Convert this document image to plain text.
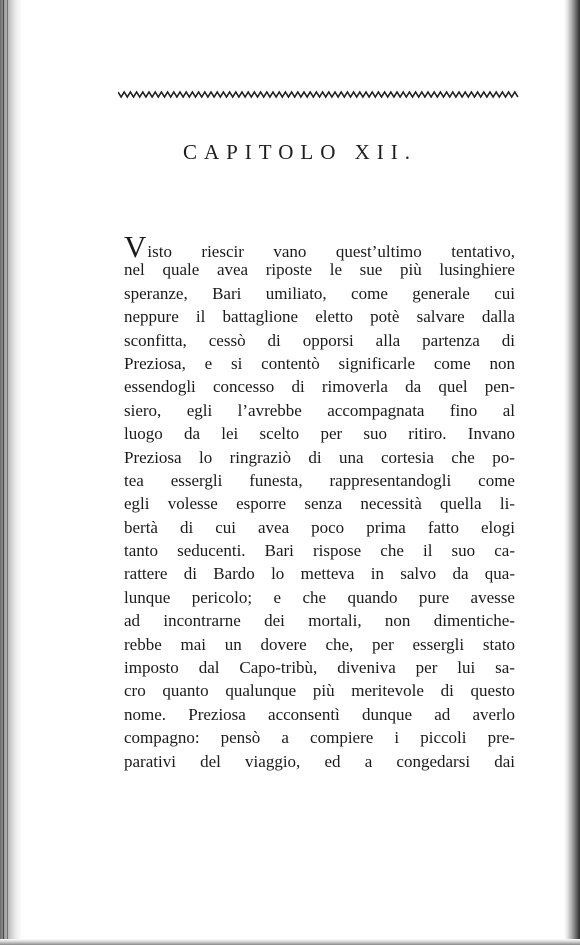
CAPITOLO XII.
V isto riescir vano quest’ultimo tentativo,
nel quale avea riposte le sue più lusinghiere
speranze, Bari umiliato, come generale cui
neppure il battaglione eletto potè salvare dalla
sconfitta, cessò di opporsi alla partenza di
Preziosa, e si contentò significarle come non
essendogli concesso di rimoverla da quel pen-
siero, egli l’avrebbe accompagnata fino al
luogo da lei scelto per suo ritiro. Invano
Preziosa lo ringraziò di una cortesia che po-
tea essergli funesta, rappresentandogli come
egli volesse esporre senza necessità quella li-
bertà di cui avea poco prima fatto elogi
tanto seducenti. Bari rispose che il suo ca-
rattere di Bardo lo metteva in salvo da qua-
lunque pericolo; e che quando pure avesse
ad incontrarne dei mortali, non dimentiche-
rebbe mai un dovere che, per essergli stato
imposto dal Capo-tribù, diveniva per lui sa-
cro quanto qualunque più meritevole di questo
nome. Preziosa acconsentì dunque ad averlo
compagno: pensò a compiere i piccoli pre-
parativi del viaggio, ed a congedarsi dai
